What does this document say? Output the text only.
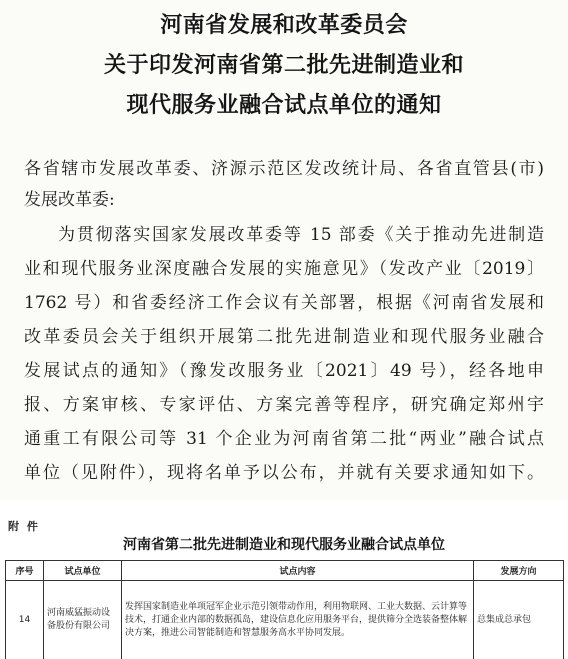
河南省发展和改革委员会
关于印发河南省第二批先进制造业和
现代服务业融合试点单位的通知
各省辖市发展改革委、济源示范区发改统计局、各省直管县(市)
发展改革委:
为贯彻落实国家发展改革委等 15 部委《关于推动先进制造
业和现代服务业深度融合发展的实施意见》（发改产业〔2019〕
1762 号）和省委经济工作会议有关部署，根据《河南省发展和
改革委员会关于组织开展第二批先进制造业和现代服务业融合
发展试点的通知》（豫发改服务业〔2021〕49 号），经各地申
报、方案审核、专家评估、方案完善等程序，研究确定郑州宇
通重工有限公司等 31 个企业为河南省第二批“两业”融合试点
单位（见附件），现将名单予以公布，并就有关要求通知如下。
附 件
河南省第二批先进制造业和现代服务业融合试点单位
序号	试点单位	试点内容	发展方向
14	河南威猛振动设备股份有限公司	发挥国家制造业单项冠军企业示范引领带动作用，利用物联网、工业大数据、云计算等技术，打通企业内部的数据孤岛，建设信息化应用服务平台，提供筛分全选装备整体解决方案，推进公司智能制造和智慧服务高水平协同发展。	总集成总承包
